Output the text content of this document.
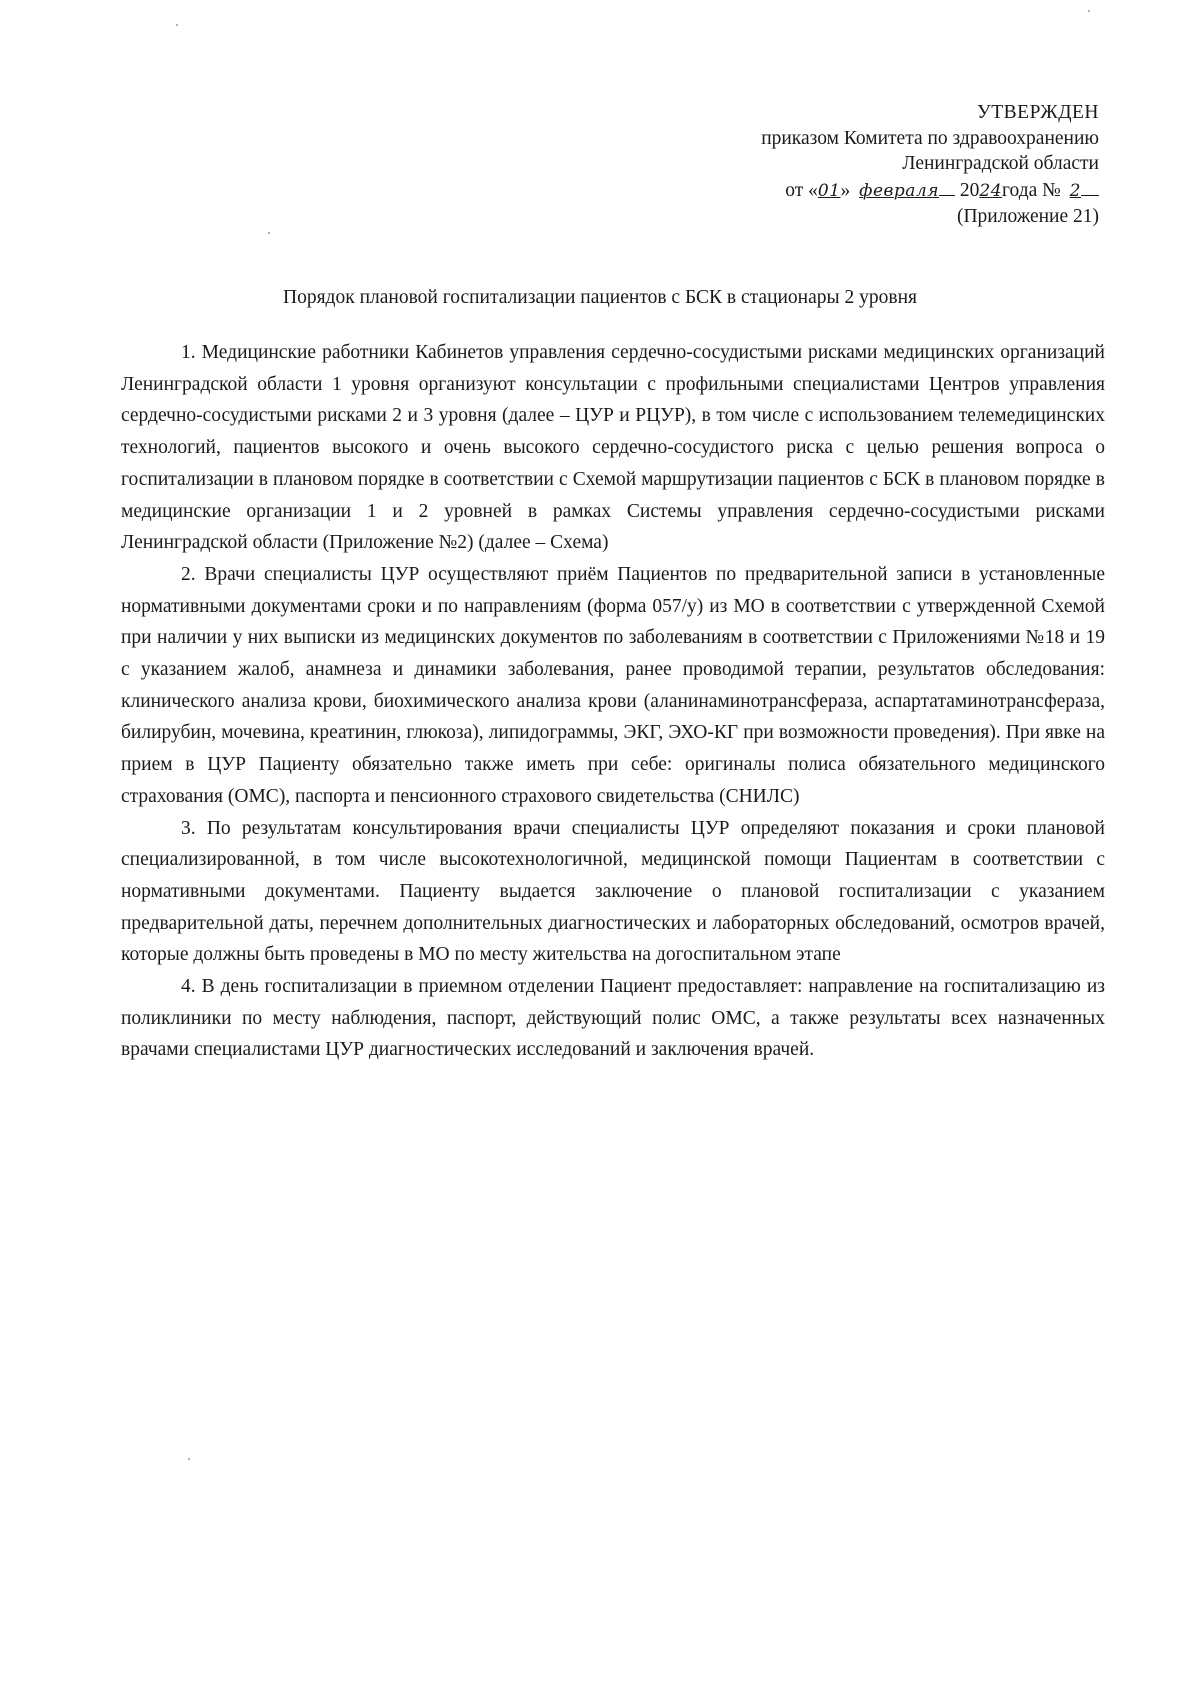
УТВЕРЖДЕН
приказом Комитета по здравоохранению
Ленинградской области
от «01» февраля 2024года № 2
(Приложение 21)
Порядок плановой госпитализации пациентов с БСК в стационары 2 уровня

1. Медицинские работники Кабинетов управления сердечно-сосудистыми рисками медицинских организаций Ленинградской области 1 уровня организуют консультации с профильными специалистами Центров управления сердечно-сосудистыми рисками 2 и 3 уровня (далее – ЦУР и РЦУР), в том числе с использованием телемедицинских технологий, пациентов высокого и очень высокого сердечно-сосудистого риска с целью решения вопроса о госпитализации в плановом порядке в соответствии с Схемой маршрутизации пациентов с БСК в плановом порядке в медицинские организации 1 и 2 уровней в рамках Системы управления сердечно-сосудистыми рисками Ленинградской области (Приложение №2) (далее – Схема)

2. Врачи специалисты ЦУР осуществляют приём Пациентов по предварительной записи в установленные нормативными документами сроки и по направлениям (форма 057/у) из МО в соответствии с утвержденной Схемой при наличии у них выписки из медицинских документов по заболеваниям в соответствии с Приложениями №18 и 19 с указанием жалоб, анамнеза и динамики заболевания, ранее проводимой терапии, результатов обследования: клинического анализа крови, биохимического анализа крови (аланинаминотрансфераза, аспартатаминотрансфераза, билирубин, мочевина, креатинин, глюкоза), липидограммы, ЭКГ, ЭХО-КГ при возможности проведения). При явке на прием в ЦУР Пациенту обязательно также иметь при себе: оригиналы полиса обязательного медицинского страхования (ОМС), паспорта и пенсионного страхового свидетельства (СНИЛС)

3. По результатам консультирования врачи специалисты ЦУР определяют показания и сроки плановой специализированной, в том числе высокотехнологичной, медицинской помощи Пациентам в соответствии с нормативными документами. Пациенту выдается заключение о плановой госпитализации с указанием предварительной даты, перечнем дополнительных диагностических и лабораторных обследований, осмотров врачей, которые должны быть проведены в МО по месту жительства на догоспитальном этапе

4. В день госпитализации в приемном отделении Пациент предоставляет: направление на госпитализацию из поликлиники по месту наблюдения, паспорт, действующий полис ОМС, а также результаты всех назначенных врачами специалистами ЦУР диагностических исследований и заключения врачей.
